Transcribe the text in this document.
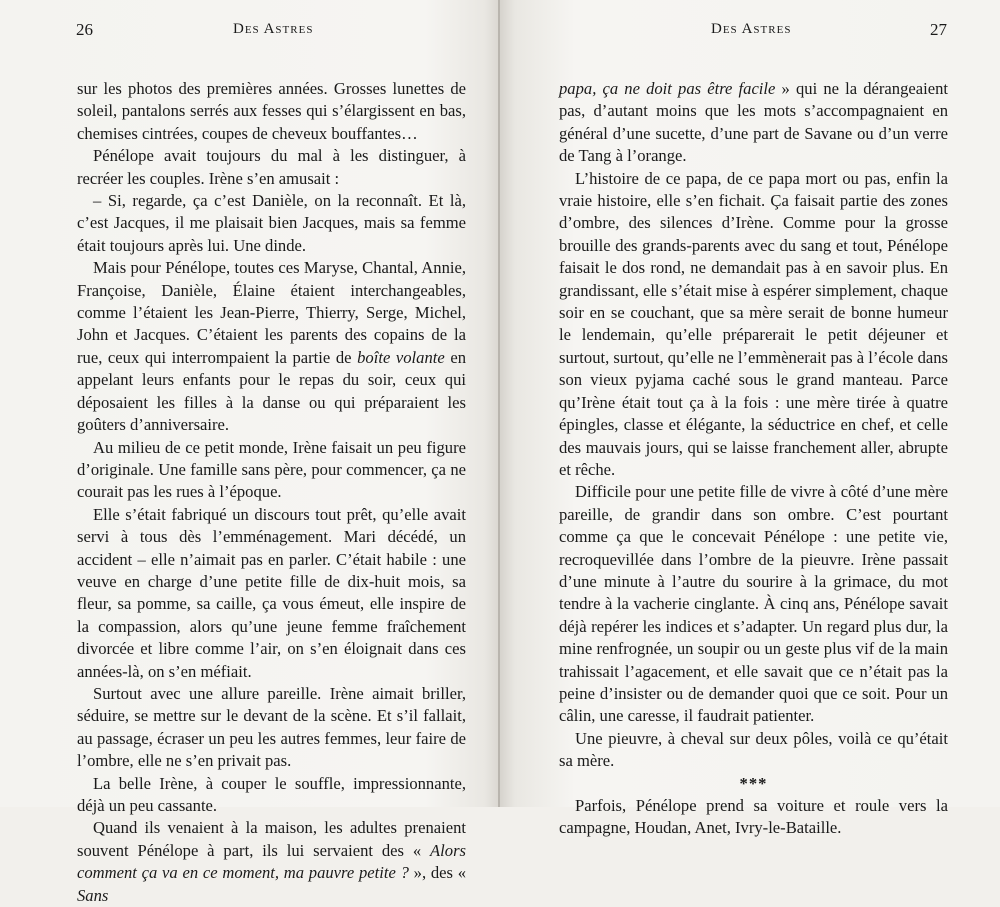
26	Des Astres

sur les photos des premières années. Grosses lunettes de soleil, pantalons serrés aux fesses qui s’élargissent en bas, chemises cintrées, coupes de cheveux bouffantes…

Pénélope avait toujours du mal à les distinguer, à recréer les couples. Irène s’en amusait :

– Si, regarde, ça c’est Danièle, on la reconnaît. Et là, c’est Jacques, il me plaisait bien Jacques, mais sa femme était toujours après lui. Une dinde.

Mais pour Pénélope, toutes ces Maryse, Chantal, Annie, Françoise, Danièle, Élaine étaient interchangeables, comme l’étaient les Jean-Pierre, Thierry, Serge, Michel, John et Jacques. C’étaient les parents des copains de la rue, ceux qui interrompaient la partie de boîte volante en appelant leurs enfants pour le repas du soir, ceux qui déposaient les filles à la danse ou qui préparaient les goûters d’anniversaire.

Au milieu de ce petit monde, Irène faisait un peu figure d’originale. Une famille sans père, pour commencer, ça ne courait pas les rues à l’époque.

Elle s’était fabriqué un discours tout prêt, qu’elle avait servi à tous dès l’emménagement. Mari décédé, un accident – elle n’aimait pas en parler. C’était habile : une veuve en charge d’une petite fille de dix-huit mois, sa fleur, sa pomme, sa caille, ça vous émeut, elle inspire de la compassion, alors qu’une jeune femme fraîchement divorcée et libre comme l’air, on s’en éloignait dans ces années-là, on s’en méfiait.

Surtout avec une allure pareille. Irène aimait briller, séduire, se mettre sur le devant de la scène. Et s’il fallait, au passage, écraser un peu les autres femmes, leur faire de l’ombre, elle ne s’en privait pas.

La belle Irène, à couper le souffle, impressionnante, déjà un peu cassante.

Quand ils venaient à la maison, les adultes prenaient souvent Pénélope à part, ils lui servaient des « Alors comment ça va en ce moment, ma pauvre petite ? », des « Sans

Des Astres	27

papa, ça ne doit pas être facile » qui ne la dérangeaient pas, d’autant moins que les mots s’accompagnaient en général d’une sucette, d’une part de Savane ou d’un verre de Tang à l’orange.

L’histoire de ce papa, de ce papa mort ou pas, enfin la vraie histoire, elle s’en fichait. Ça faisait partie des zones d’ombre, des silences d’Irène. Comme pour la grosse brouille des grands-parents avec du sang et tout, Pénélope faisait le dos rond, ne demandait pas à en savoir plus. En grandissant, elle s’était mise à espérer simplement, chaque soir en se couchant, que sa mère serait de bonne humeur le lendemain, qu’elle préparerait le petit déjeuner et surtout, surtout, qu’elle ne l’emmènerait pas à l’école dans son vieux pyjama caché sous le grand manteau. Parce qu’Irène était tout ça à la fois : une mère tirée à quatre épingles, classe et élégante, la séductrice en chef, et celle des mauvais jours, qui se laisse franchement aller, abrupte et rêche.

Difficile pour une petite fille de vivre à côté d’une mère pareille, de grandir dans son ombre. C’est pourtant comme ça que le concevait Pénélope : une petite vie, recroquevillée dans l’ombre de la pieuvre. Irène passait d’une minute à l’autre du sourire à la grimace, du mot tendre à la vacherie cinglante. À cinq ans, Pénélope savait déjà repérer les indices et s’adapter. Un regard plus dur, la mine renfrognée, un soupir ou un geste plus vif de la main trahissait l’agacement, et elle savait que ce n’était pas la peine d’insister ou de demander quoi que ce soit. Pour un câlin, une caresse, il faudrait patienter.

Une pieuvre, à cheval sur deux pôles, voilà ce qu’était sa mère.

***

Parfois, Pénélope prend sa voiture et roule vers la campagne, Houdan, Anet, Ivry-le-Bataille.
